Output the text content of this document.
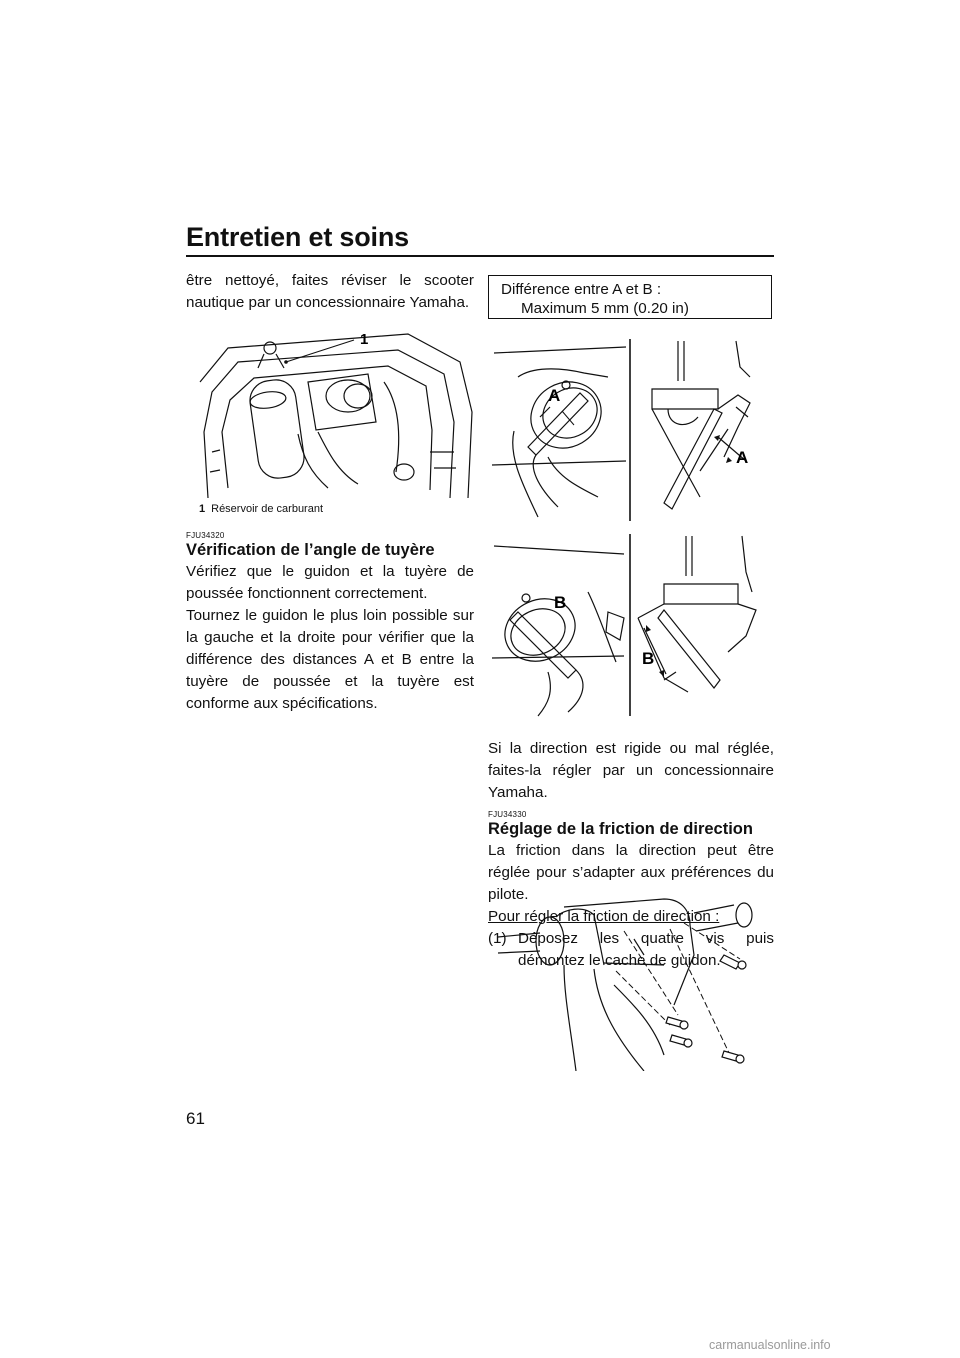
Entretien et soins

être nettoyé, faites réviser le scooter nautique par un concessionnaire Yamaha.

1
1 Réservoir de carburant
FJU34320
Vérification de l’angle de tuyère

Vérifiez que le guidon et la tuyère de poussée fonctionnent correctement.

Tournez le guidon le plus loin possible sur la gauche et la droite pour vérifier que la différence des distances A et B entre la tuyère de poussée et la tuyère est conforme aux spécifications.

Différence entre A et B :
Maximum 5 mm (0.20 in)
A
A
B
B

Si la direction est rigide ou mal réglée, faites-la régler par un concessionnaire Yamaha.

FJU34330
Réglage de la friction de direction

La friction dans la direction peut être réglée pour s’adapter aux préférences du pilote.

Pour régler la friction de direction :
(1) Déposez les quatre vis puis démontez le cache de guidon.
61
carmanualsonline.info
